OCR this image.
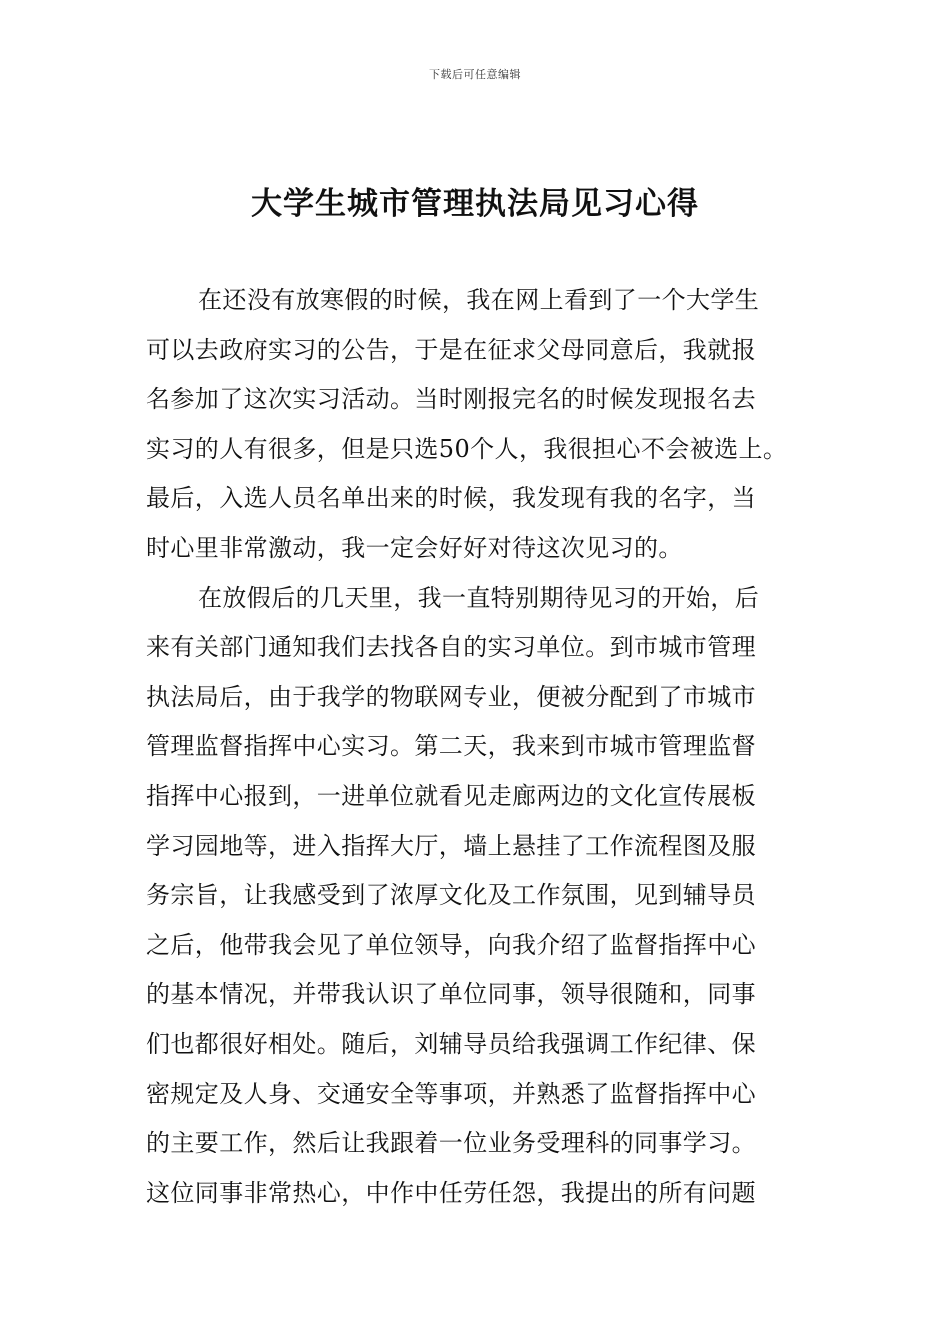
下载后可任意编辑
大学生城市管理执法局见习心得
在还没有放寒假的时候，我在网上看到了一个大学生
可以去政府实习的公告，于是在征求父母同意后，我就报
名参加了这次实习活动。当时刚报完名的时候发现报名去
实习的人有很多，但是只选50个人，我很担心不会被选上。
最后，入选人员名单出来的时候，我发现有我的名字，当
时心里非常激动，我一定会好好对待这次见习的。
在放假后的几天里，我一直特别期待见习的开始，后
来有关部门通知我们去找各自的实习单位。到市城市管理
执法局后，由于我学的物联网专业，便被分配到了市城市
管理监督指挥中心实习。第二天，我来到市城市管理监督
指挥中心报到，一进单位就看见走廊两边的文化宣传展板
学习园地等，进入指挥大厅，墙上悬挂了工作流程图及服
务宗旨，让我感受到了浓厚文化及工作氛围，见到辅导员
之后，他带我会见了单位领导，向我介绍了监督指挥中心
的基本情况，并带我认识了单位同事，领导很随和，同事
们也都很好相处。随后，刘辅导员给我强调工作纪律、保
密规定及人身、交通安全等事项，并熟悉了监督指挥中心
的主要工作，然后让我跟着一位业务受理科的同事学习。
这位同事非常热心，中作中任劳任怨，我提出的所有问题
